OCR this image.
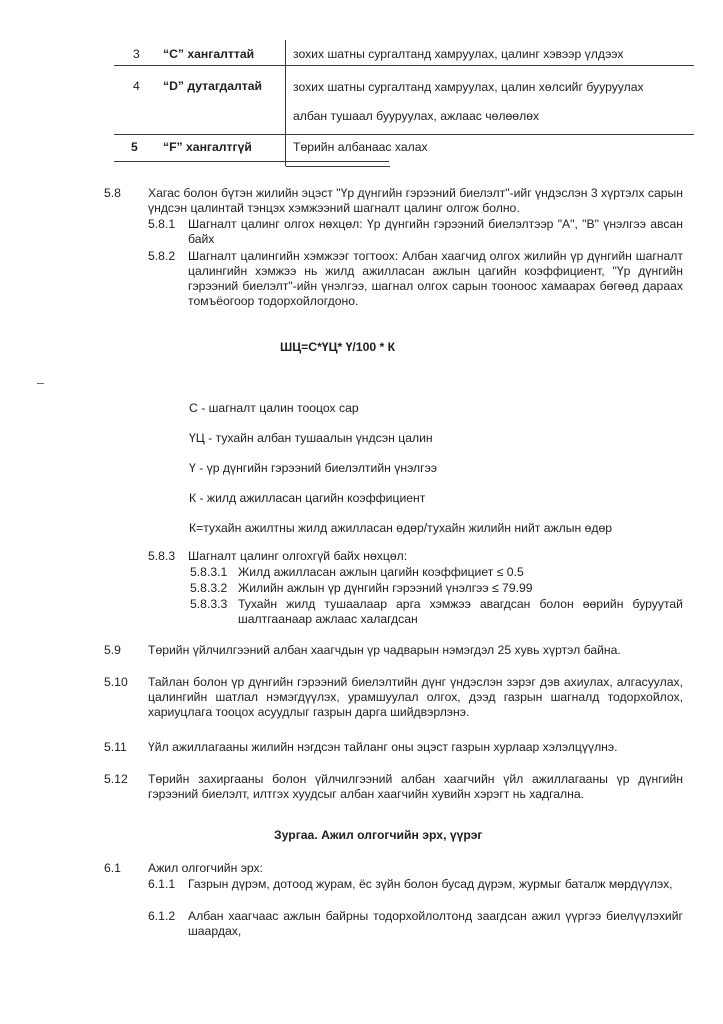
3 “C” хангалттай	зохих шатны сургалтанд хамруулах, цалинг хэвээр үлдээх
4 “D” дутагдалтай	зохих шатны сургалтанд хамруулах, цалин хөлсийг бууруулах
албан тушаал бууруулах, ажлаас чөлөөлөх
5 “F” хангалтгүй	Төрийн албанаас халах
5.8 Хагас болон бүтэн жилийн эцэст "Үр дүнгийн гэрээний биелэлт"-ийг үндэслэн 3 хүртэлх сарын үндсэн цалинтай тэнцэх хэмжээний шагналт цалинг олгож болно.
5.8.1 Шагналт цалинг олгох нөхцөл: Үр дүнгийн гэрээний биелэлтээр "А", "В" үнэлгээ авсан байх
5.8.2 Шагналт цалингийн хэмжээг тогтоох: Албан хаагчид олгох жилийн үр дүнгийн шагналт цалингийн хэмжээ нь жилд ажилласан ажлын цагийн коэффициент, "Үр дүнгийн гэрээний биелэлт"-ийн үнэлгээ, шагнал олгох сарын тооноос хамаарах бөгөөд дараах томъёогоор тодорхойлогдоно.
ШЦ=С*ҮЦ* Ү/100 * К
С - шагналт цалин тооцох сар
ҮЦ - тухайн албан тушаалын үндсэн цалин
Ү - үр дүнгийн гэрээний биелэлтийн үнэлгээ
К - жилд ажилласан цагийн коэффициент
К=тухайн ажилтны жилд ажилласан өдөр/тухайн жилийн нийт ажлын өдөр
5.8.3 Шагналт цалинг олгохгүй байх нөхцөл:
5.8.3.1 Жилд ажилласан ажлын цагийн коэффициет ≤ 0.5
5.8.3.2 Жилийн ажлын үр дүнгийн гэрээний үнэлгээ ≤ 79.99
5.8.3.3 Тухайн жилд тушаалаар арга хэмжээ авагдсан болон өөрийн буруутай шалтгаанаар ажлаас халагдсан
5.9 Төрийн үйлчилгээний албан хаагчдын үр чадварын нэмэгдэл 25 хувь хүртэл байна.
5.10 Тайлан болон үр дүнгийн гэрээний биелэлтийн дүнг үндэслэн зэрэг дэв ахиулах, алгасуулах, цалингийн шатлал нэмэгдүүлэх, урамшуулал олгох, дээд газрын шагналд тодорхойлох, хариуцлага тооцох асуудлыг газрын дарга шийдвэрлэнэ.
5.11 Үйл ажиллагааны жилийн нэгдсэн тайланг оны эцэст газрын хурлаар хэлэлцүүлнэ.
5.12 Төрийн захиргааны болон үйлчилгээний албан хаагчийн үйл ажиллагааны үр дүнгийн гэрээний биелэлт, илтгэх хуудсыг албан хаагчийн хувийн хэрэгт нь хадгална.
Зургаа. Ажил олгогчийн эрх, үүрэг
6.1 Ажил олгогчийн эрх:
6.1.1 Газрын дүрэм, дотоод журам, ёс зүйн болон бусад дүрэм, журмыг баталж мөрдүүлэх,
6.1.2 Албан хаагчаас ажлын байрны тодорхойлолтонд заагдсан ажил үүргээ биелүүлэхийг шаардах,
